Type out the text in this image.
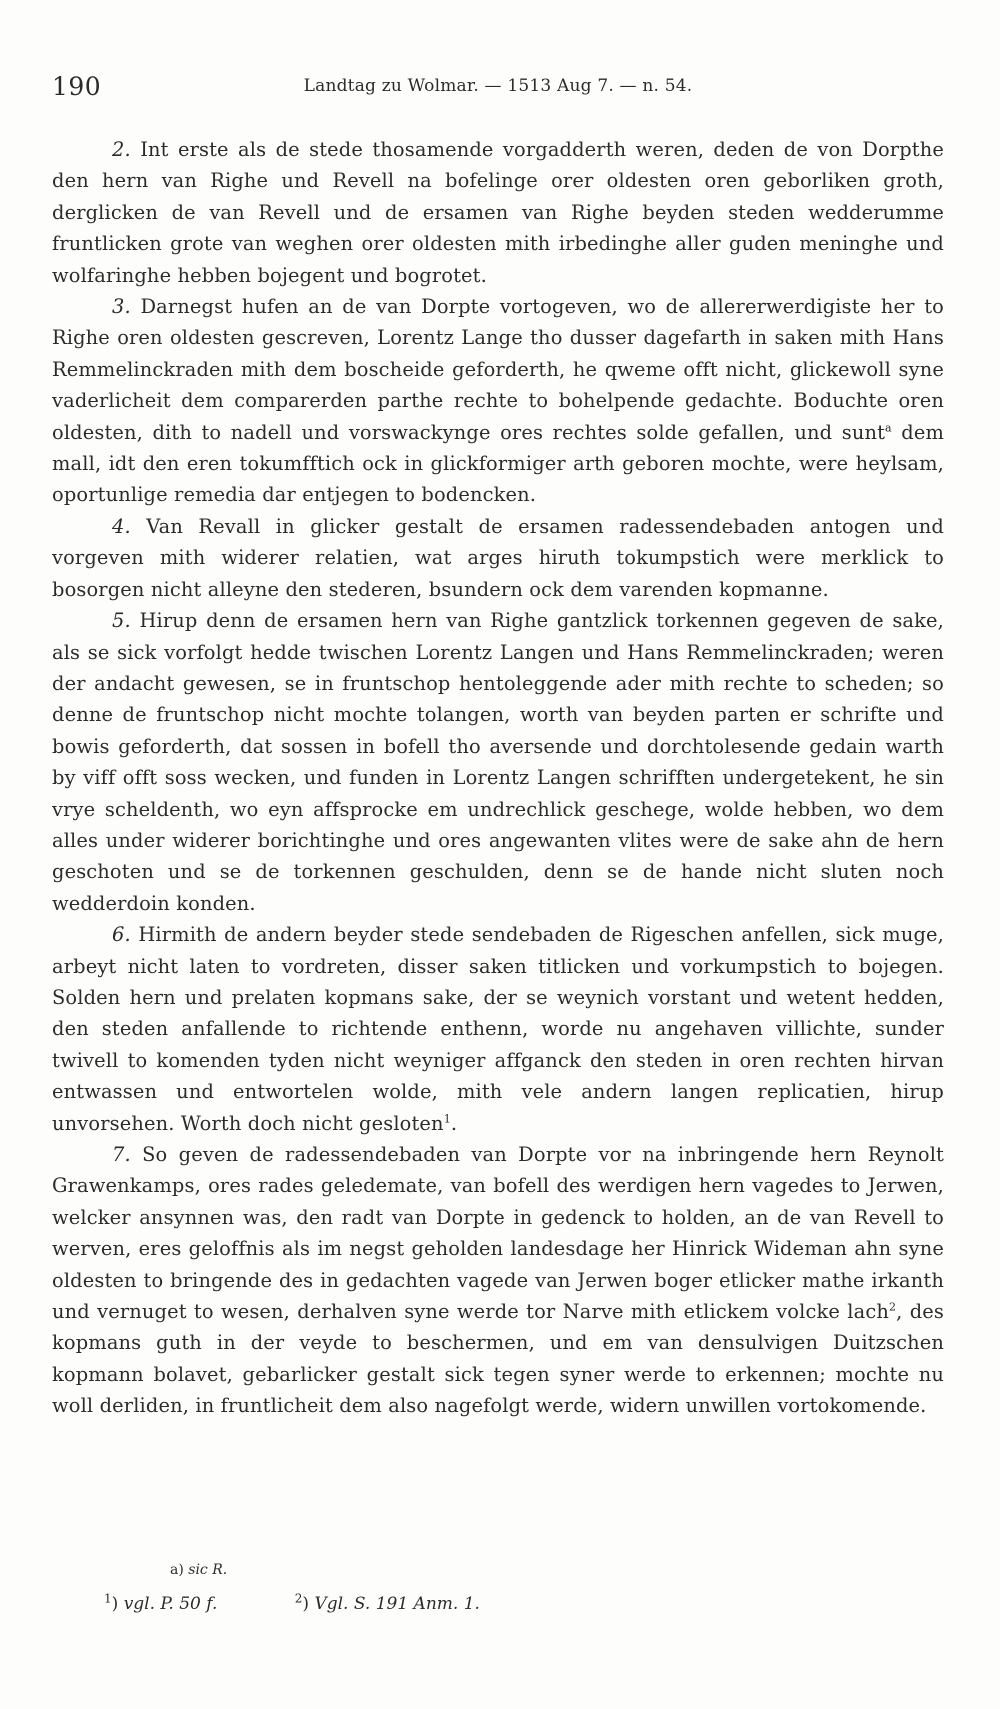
190	Landtag zu Wolmar. — 1513 Aug 7. — n. 54.

2. Int erste als de stede thosamende vorgadderth weren, deden de von Dorpthe den hern van Righe und Revell na bofelinge orer oldesten oren geborliken groth, derglicken de van Revell und de ersamen van Righe beyden steden wedderumme fruntlicken grote van weghen orer oldesten mith irbedinghe aller guden meninghe und wolfaringhe hebben bojegent und bogrotet.

3. Darnegst hufen an de van Dorpte vortogeven, wo de allererwerdigiste her to Righe oren oldesten gescreven, Lorentz Lange tho dusser dagefarth in saken mith Hans Remmelinckraden mith dem boscheide geforderth, he qweme offt nicht, glickewoll syne vaderlicheit dem comparerden parthe rechte to bohelpende gedachte. Boduchte oren oldesten, dith to nadell und vorswackynge ores rechtes solde gefallen, und sunt$^a$ dem mall, idt den eren tokumfftich ock in glickformiger arth geboren mochte, were heylsam, oportunlige remedia dar entjegen to bodencken.

4. Van Revall in glicker gestalt de ersamen radessendebaden antogen und vorgeven mith widerer relatien, wat arges hiruth tokumpstich were merklick to bosorgen nicht alleyne den stederen, bsundern ock dem varenden kopmanne.

5. Hirup denn de ersamen hern van Righe gantzlick torkennen gegeven de sake, als se sick vorfolgt hedde twischen Lorentz Langen und Hans Remmelinckraden; weren der andacht gewesen, se in fruntschop hentoleggende ader mith rechte to scheden; so denne de fruntschop nicht mochte tolangen, worth van beyden parten er schrifte und bowis geforderth, dat sossen in bofell tho aversende und dorchtolesende gedain warth by viff offt soss wecken, und funden in Lorentz Langen schrifften undergetekent, he sin vrye scheldenth, wo eyn affsprocke em undrechlick geschege, wolde hebben, wo dem alles under widerer borichtinghe und ores angewanten vlites were de sake ahn de hern geschoten und se de torkennen geschulden, denn se de hande nicht sluten noch wedderdoin konden.

6. Hirmith de andern beyder stede sendebaden de Rigeschen anfellen, sick muge, arbeyt nicht laten to vordreten, disser saken titlicken und vorkumpstich to bojegen. Solden hern und prelaten kopmans sake, der se weynich vorstant und wetent hedden, den steden anfallende to richtende enthenn, worde nu angehaven villichte, sunder twivell to komenden tyden nicht weyniger affganck den steden in oren rechten hirvan entwassen und entwortelen wolde, mith vele andern langen replicatien, hirup unvorsehen. Worth doch nicht gesloten$^1$.

7. So geven de radessendebaden van Dorpte vor na inbringende hern Reynolt Grawenkamps, ores rades geledemate, van bofell des werdigen hern vagedes to Jerwen, welcker ansynnen was, den radt van Dorpte in gedenck to holden, an de van Revell to werven, eres geloffnis als im negst geholden landesdage her Hinrick Wideman ahn syne oldesten to bringende des in gedachten vagede van Jerwen boger etlicker mathe irkanth und vernuget to wesen, derhalven syne werde tor Narve mith etlickem volcke lach$^2$, des kopmans guth in der veyde to beschermen, und em van densulvigen Duitzschen kopmann bolavet, gebarlicker gestalt sick tegen syner werde to erkennen; mochte nu woll derliden, in fruntlicheit dem also nagefolgt werde, widern unwillen vortokomende.

a) sic R.
$^1$) vgl. P. 50 f.	$^2$) Vgl. S. 191 Anm. 1.
